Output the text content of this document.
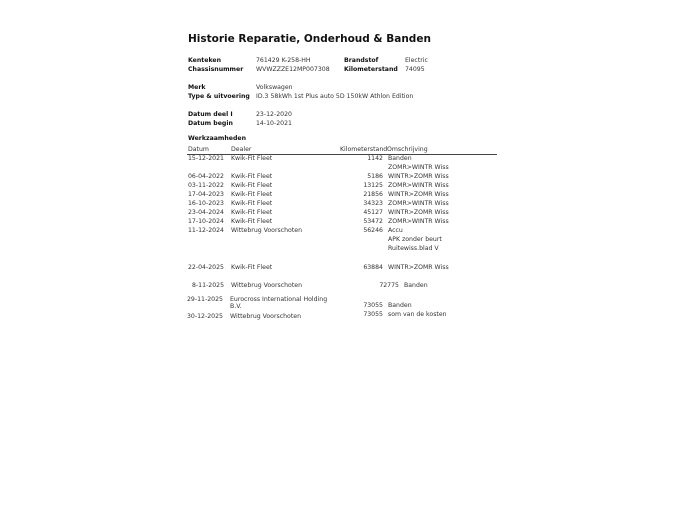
Historie Reparatie, Onderhoud & Banden
Kenteken	761429 K-258-HH	Brandstof	Electric
Chassisnummer WVWZZZE12MP007308 Kilometerstand 74095
Merk	Volkswagen
Type & uitvoering ID.3 58kWh 1st Plus auto 5D 150kW Athlon Edition
Datum deel I	23-12-2020
Datum begin	14-10-2021
Werkzaamheden
Datum	Dealer	Kilometerstand Omschrijving
15-12-2021 Kwik-Fit Fleet	1142 Banden
ZOMR>WINTR Wiss
06-04-2022 Kwik-Fit Fleet	5186 WINTR>ZOMR Wiss
03-11-2022 Kwik-Fit Fleet	13125 ZOMR>WINTR Wiss
17-04-2023 Kwik-Fit Fleet	21856 WINTR>ZOMR Wiss
16-10-2023 Kwik-Fit Fleet	34323 ZOMR>WINTR Wiss
23-04-2024 Kwik-Fit Fleet	45127 WINTR>ZOMR Wiss
17-10-2024 Kwik-Fit Fleet	53472 ZOMR>WINTR Wiss
11-12-2024 Wittebrug Voorschoten	56246 Accu
APK zonder beurt
Ruitewiss.blad V
22-04-2025 Kwik-Fit Fleet	63884 WINTR>ZOMR Wiss
8-11-2025 Wittebrug Voorschoten	72775 Banden
29-11-2025 Eurocross International Holding
B.V.	73055 Banden
30-12-2025 Wittebrug Voorschoten	73055 som van de kosten
